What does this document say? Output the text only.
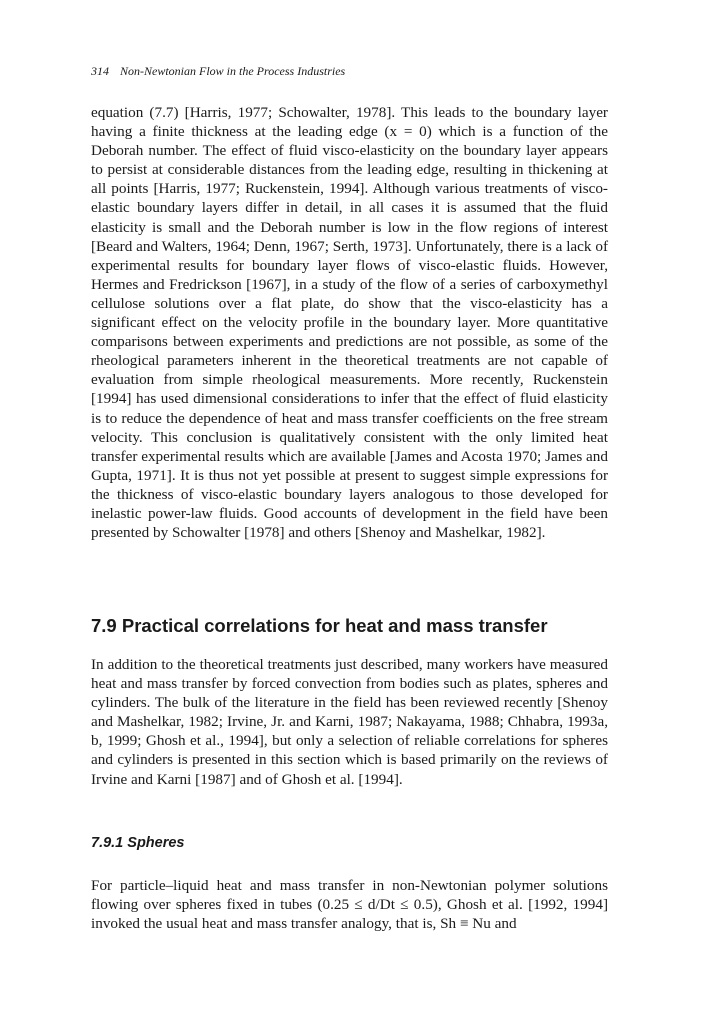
314 Non-Newtonian Flow in the Process Industries

equation (7.7) [Harris, 1977; Schowalter, 1978]. This leads to the boundary layer having a finite thickness at the leading edge (x = 0) which is a function of the Deborah number. The effect of fluid visco-elasticity on the boundary layer appears to persist at considerable distances from the leading edge, resulting in thickening at all points [Harris, 1977; Ruckenstein, 1994]. Although various treatments of visco-elastic boundary layers differ in detail, in all cases it is assumed that the fluid elasticity is small and the Deborah number is low in the flow regions of interest [Beard and Walters, 1964; Denn, 1967; Serth, 1973]. Unfortunately, there is a lack of experimental results for boundary layer flows of visco-elastic fluids. However, Hermes and Fredrickson [1967], in a study of the flow of a series of carboxymethyl cellulose solutions over a flat plate, do show that the visco-elasticity has a significant effect on the velocity profile in the boundary layer. More quantitative comparisons between experiments and predictions are not possible, as some of the rheological parameters inherent in the theoretical treatments are not capable of evaluation from simple rheological measurements. More recently, Ruckenstein [1994] has used dimensional considerations to infer that the effect of fluid elasticity is to reduce the dependence of heat and mass transfer coefficients on the free stream velocity. This conclusion is qualitatively consistent with the only limited heat transfer experimental results which are available [James and Acosta 1970; James and Gupta, 1971]. It is thus not yet possible at present to suggest simple expressions for the thickness of visco-elastic boundary layers analogous to those developed for inelastic power-law fluids. Good accounts of development in the field have been presented by Schowalter [1978] and others [Shenoy and Mashelkar, 1982].

7.9 Practical correlations for heat and mass transfer

In addition to the theoretical treatments just described, many workers have measured heat and mass transfer by forced convection from bodies such as plates, spheres and cylinders. The bulk of the literature in the field has been reviewed recently [Shenoy and Mashelkar, 1982; Irvine, Jr. and Karni, 1987; Nakayama, 1988; Chhabra, 1993a, b, 1999; Ghosh et al., 1994], but only a selection of reliable correlations for spheres and cylinders is presented in this section which is based primarily on the reviews of Irvine and Karni [1987] and of Ghosh et al. [1994].

7.9.1 Spheres

For particle–liquid heat and mass transfer in non-Newtonian polymer solutions flowing over spheres fixed in tubes (0.25 ≤ d/Dt ≤ 0.5), Ghosh et al. [1992, 1994] invoked the usual heat and mass transfer analogy, that is, Sh ≡ Nu and
